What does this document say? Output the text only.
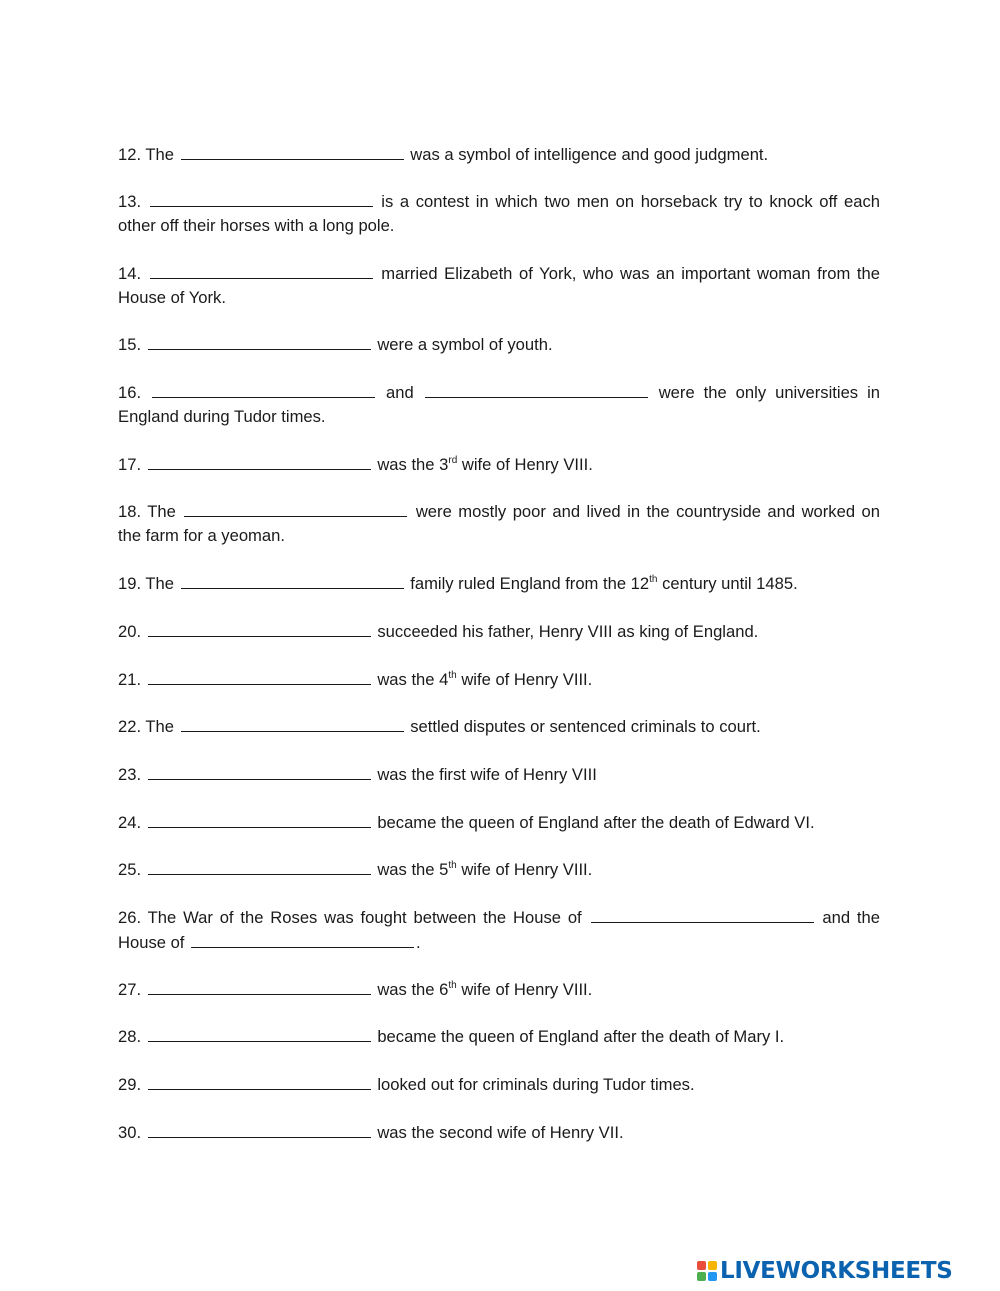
12. The	was a symbol of intelligence and good judgment.
13.	is a contest in which two men on horseback try to knock off each other off their horses with a long pole.
14.	married Elizabeth of York, who was an important woman from the House of York.
15.	were a symbol of youth.
16.	and	were the only universities in England during Tudor times.
17.	was the 3rd wife of Henry VIII.
18. The	were mostly poor and lived in the countryside and worked on the farm for a yeoman.
19. The	family ruled England from the 12th century until 1485.
20.	succeeded his father, Henry VIII as king of England.
21.	was the 4th wife of Henry VIII.
22. The	settled disputes or sentenced criminals to court.
23.	was the first wife of Henry VIII
24.	became the queen of England after the death of Edward VI.
25.	was the 5th wife of Henry VIII.
26. The War of the Roses was fought between the House of	and the House of	.
27.	was the 6th wife of Henry VIII.
28.	became the queen of England after the death of Mary I.
29.	looked out for criminals during Tudor times.
30.	was the second wife of Henry VII.
LIVEWORKSHEETS
